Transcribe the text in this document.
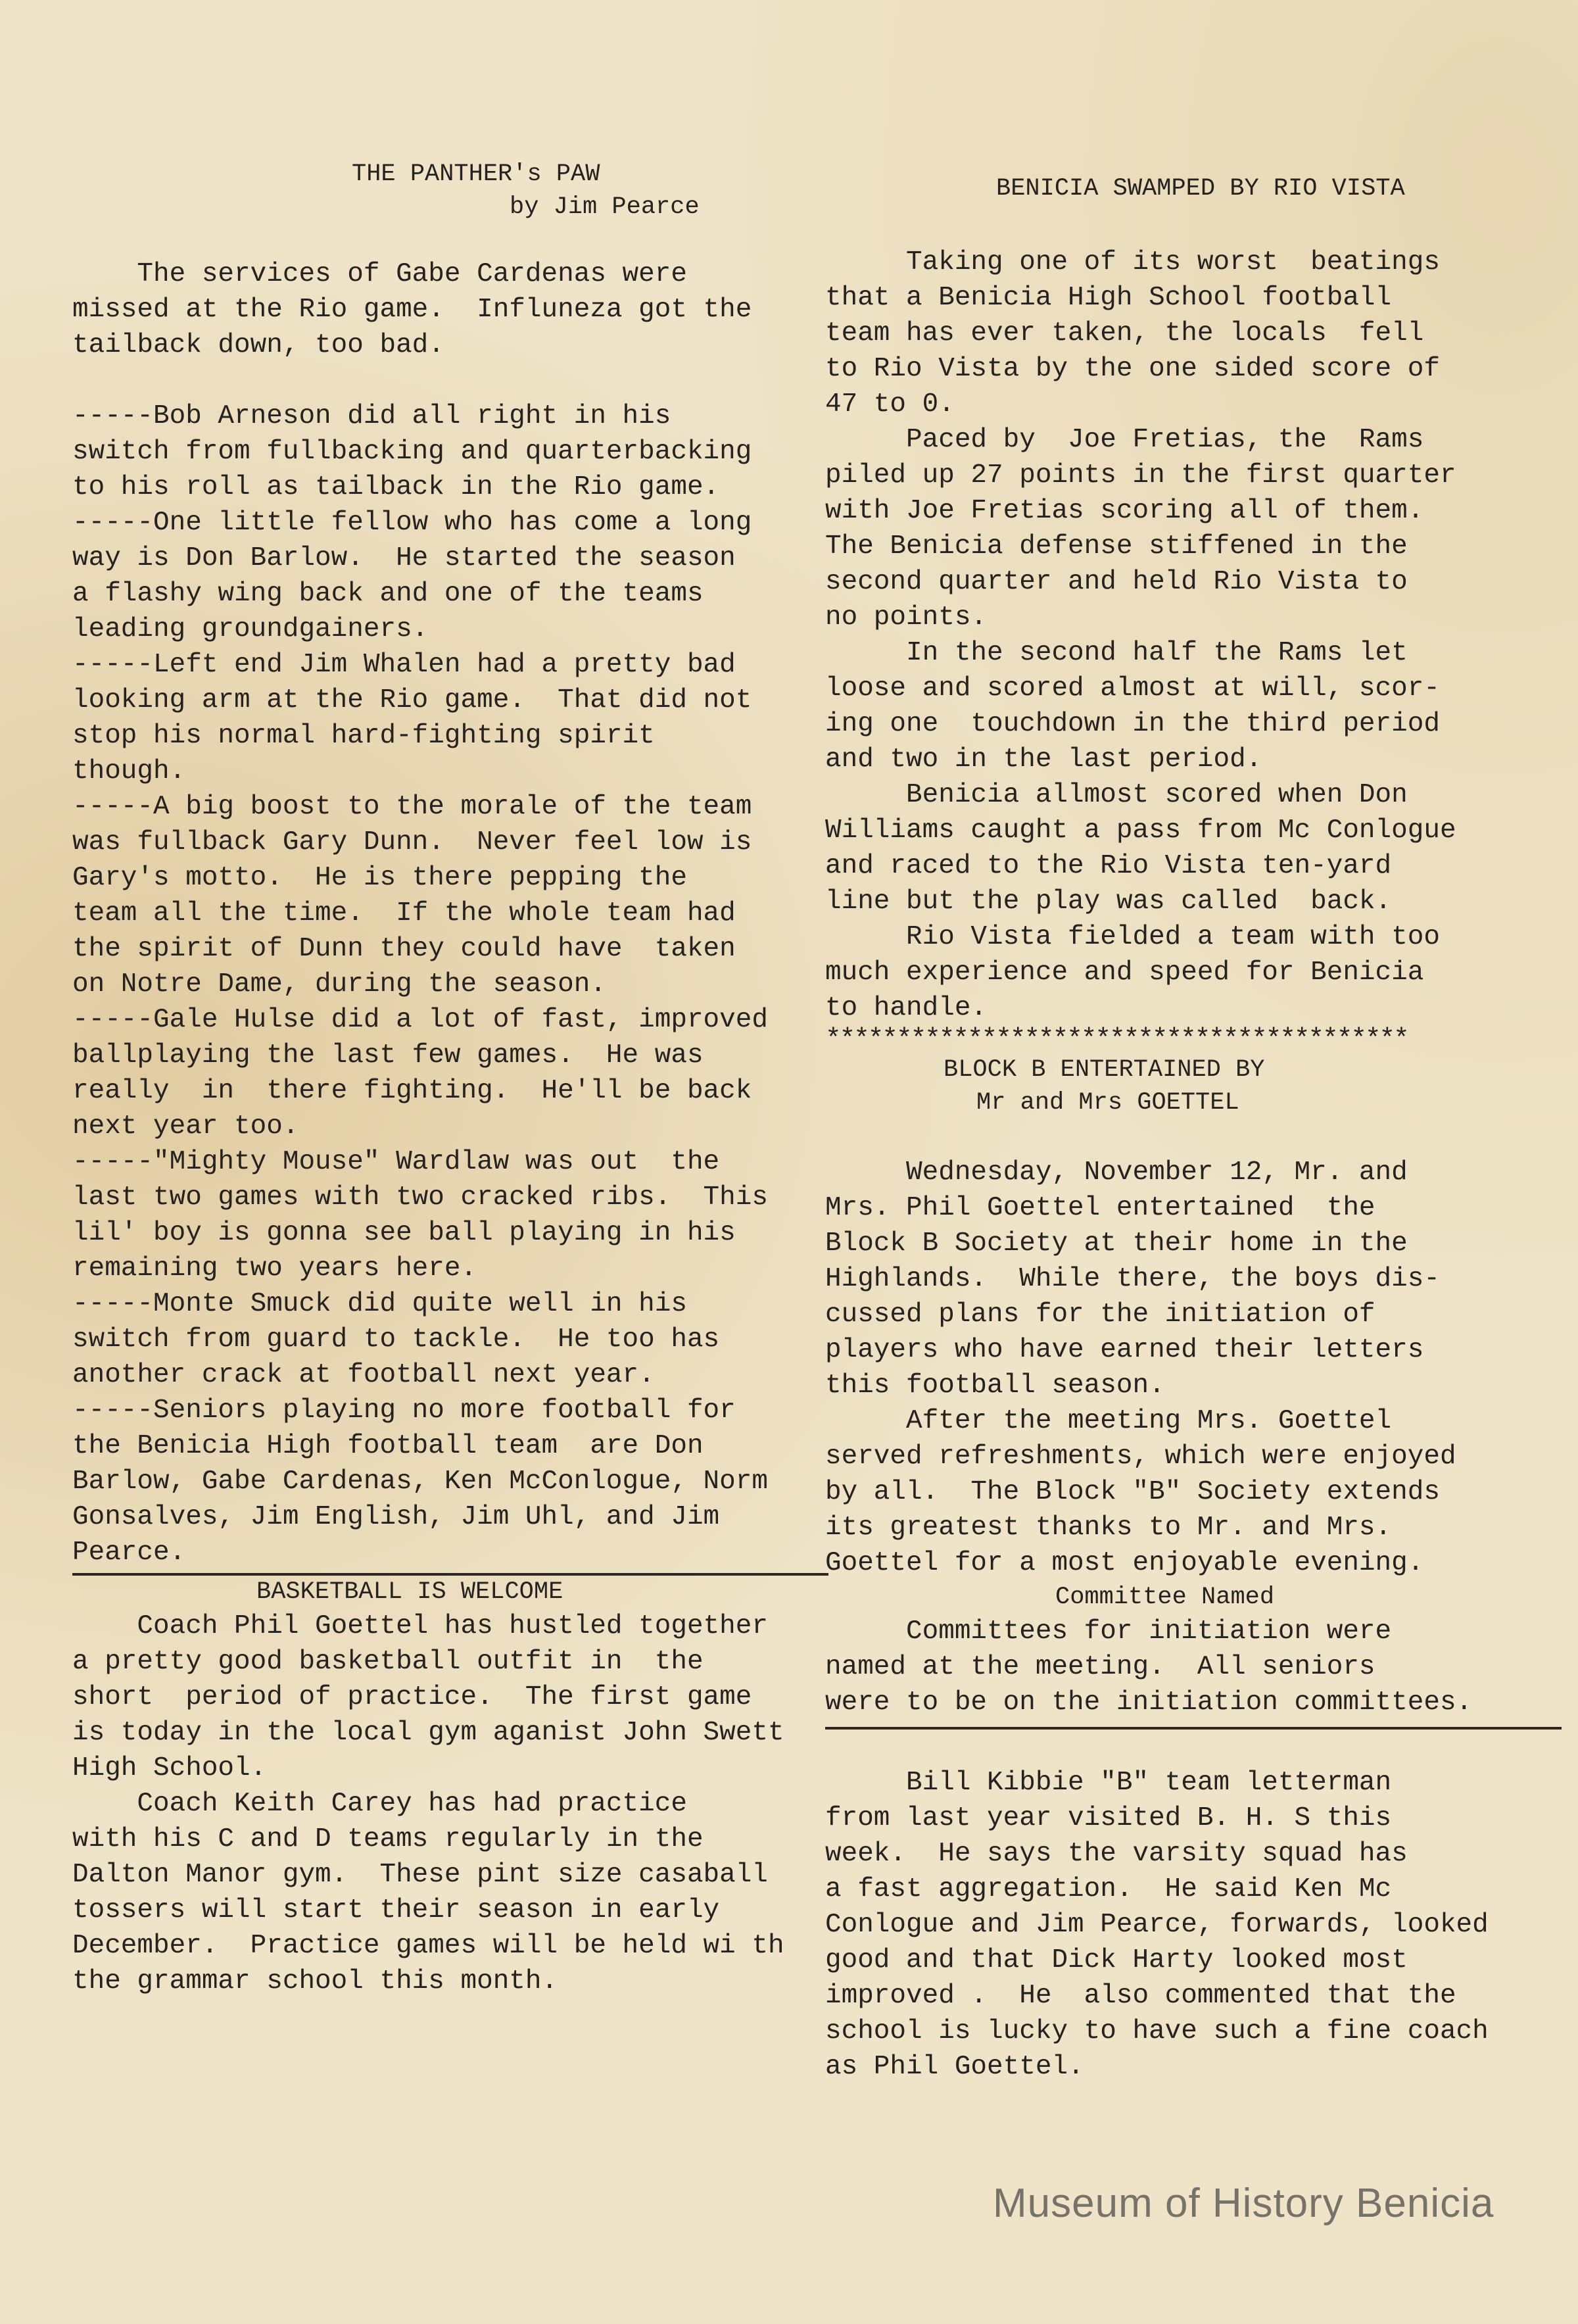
THE PANTHER's PAW
by Jim Pearce
The services of Gabe Cardenas were
missed at the Rio game.  Influneza got the
tailback down, too bad.
-----Bob Arneson did all right in his
switch from fullbacking and quarterbacking
to his roll as tailback in the Rio game.
-----One little fellow who has come a long
way is Don Barlow.  He started the season
a flashy wing back and one of the teams
leading groundgainers.
-----Left end Jim Whalen had a pretty bad
looking arm at the Rio game.  That did not
stop his normal hard-fighting spirit
though.
-----A big boost to the morale of the team
was fullback Gary Dunn.  Never feel low is
Gary's motto.  He is there pepping the
team all the time.  If the whole team had
the spirit of Dunn they could have  taken
on Notre Dame, during the season.
-----Gale Hulse did a lot of fast, improved
ballplaying the last few games.  He was
really  in  there fighting.  He'll be back
next year too.
-----"Mighty Mouse" Wardlaw was out  the
last two games with two cracked ribs.  This
lil' boy is gonna see ball playing in his
remaining two years here.
-----Monte Smuck did quite well in his
switch from guard to tackle.  He too has
another crack at football next year.
-----Seniors playing no more football for
the Benicia High football team  are Don
Barlow, Gabe Cardenas, Ken McConlogue, Norm
Gonsalves, Jim English, Jim Uhl, and Jim
Pearce.
BASKETBALL IS WELCOME
Coach Phil Goettel has hustled together
a pretty good basketball outfit in  the
short  period of practice.  The first game
is today in the local gym aganist John Swett
High School.
Coach Keith Carey has had practice
with his C and D teams regularly in the
Dalton Manor gym.  These pint size casaball
tossers will start their season in early
December.  Practice games will be held wi th
the grammar school this month.
BENICIA SWAMPED BY RIO VISTA
Taking one of its worst  beatings
that a Benicia High School football
team has ever taken, the locals  fell
to Rio Vista by the one sided score of
47 to 0.
Paced by  Joe Fretias, the  Rams
piled up 27 points in the first quarter
with Joe Fretias scoring all of them.
The Benicia defense stiffened in the
second quarter and held Rio Vista to
no points.
In the second half the Rams let
loose and scored almost at will, scor-
ing one  touchdown in the third period
and two in the last period.
Benicia allmost scored when Don
Williams caught a pass from Mc Conlogue
and raced to the Rio Vista ten-yard
line but the play was called  back.
Rio Vista fielded a team with too
much experience and speed for Benicia
to handle.
*****************************************
BLOCK B ENTERTAINED BY
Mr and Mrs GOETTEL
Wednesday, November 12, Mr. and
Mrs. Phil Goettel entertained  the
Block B Society at their home in the
Highlands.  While there, the boys dis-
cussed plans for the initiation of
players who have earned their letters
this football season.
After the meeting Mrs. Goettel
served refreshments, which were enjoyed
by all.  The Block "B" Society extends
its greatest thanks to Mr. and Mrs.
Goettel for a most enjoyable evening.
Committee Named
Committees for initiation were
named at the meeting.  All seniors
were to be on the initiation committees.
Bill Kibbie "B" team letterman
from last year visited B. H. S this
week.  He says the varsity squad has
a fast aggregation.  He said Ken Mc
Conlogue and Jim Pearce, forwards, looked
good and that Dick Harty looked most
improved .  He  also commented that the
school is lucky to have such a fine coach
as Phil Goettel.
Museum of History Benicia
